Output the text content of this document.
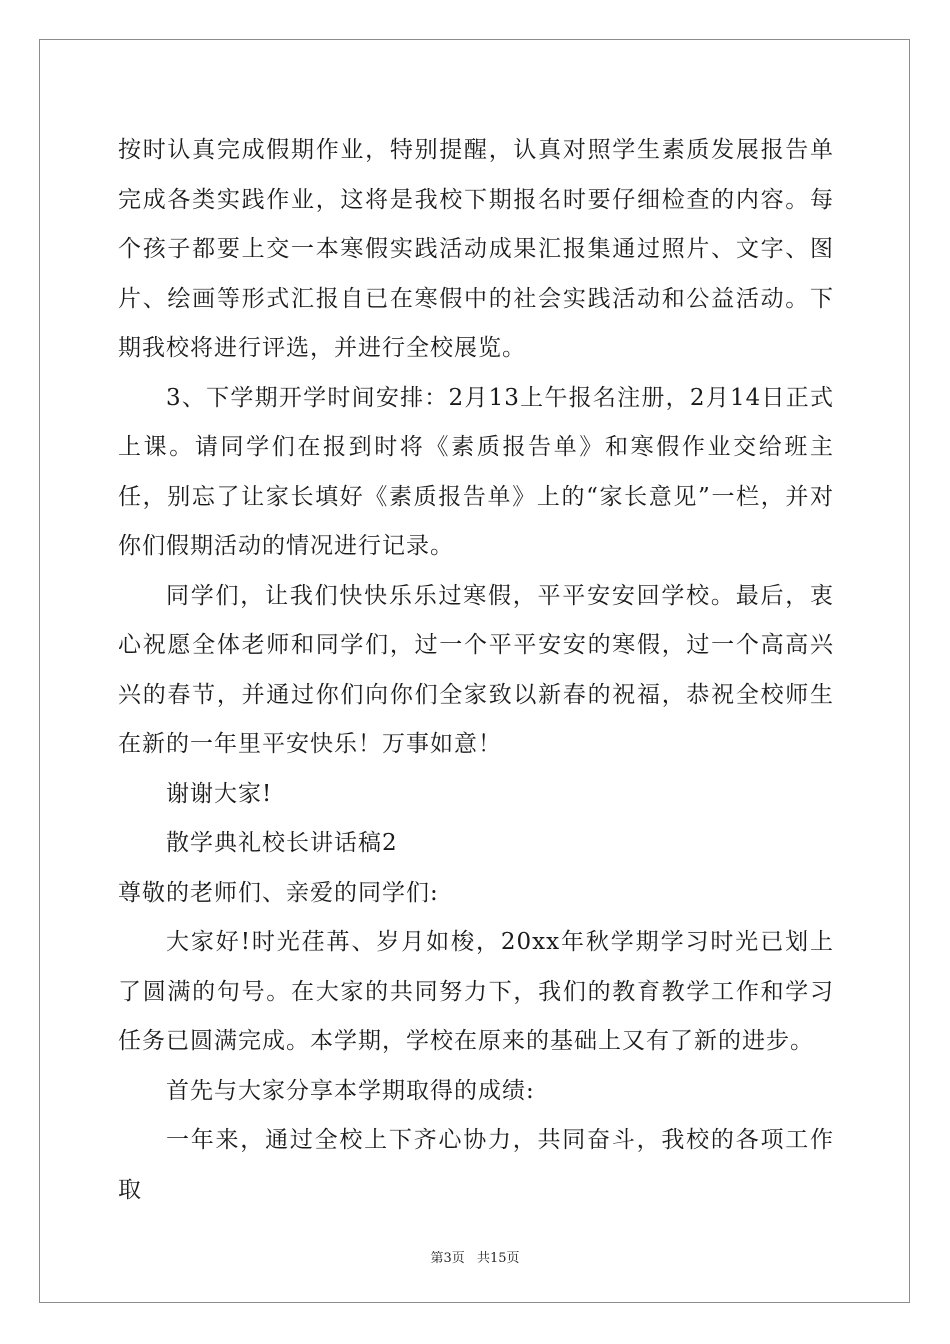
按时认真完成假期作业，特别提醒，认真对照学生素质发展报告单完成各类实践作业，这将是我校下期报名时要仔细检查的内容。每个孩子都要上交一本寒假实践活动成果汇报集通过照片、文字、图片、绘画等形式汇报自已在寒假中的社会实践活动和公益活动。下期我校将进行评选，并进行全校展览。

3、下学期开学时间安排：2月13上午报名注册，2月14日正式上课。请同学们在报到时将《素质报告单》和寒假作业交给班主任，别忘了让家长填好《素质报告单》上的“家长意见”一栏，并对你们假期活动的情况进行记录。

同学们，让我们快快乐乐过寒假，平平安安回学校。最后，衷心祝愿全体老师和同学们，过一个平平安安的寒假，过一个高高兴兴的春节，并通过你们向你们全家致以新春的祝福，恭祝全校师生在新的一年里平安快乐！万事如意！

谢谢大家!

散学典礼校长讲话稿2

尊敬的老师们、亲爱的同学们:

大家好!时光荏苒、岁月如梭，20xx年秋学期学习时光已划上了圆满的句号。在大家的共同努力下，我们的教育教学工作和学习任务已圆满完成。本学期，学校在原来的基础上又有了新的进步。

首先与大家分享本学期取得的成绩:

一年来，通过全校上下齐心协力，共同奋斗，我校的各项工作取

第3页 共15页
